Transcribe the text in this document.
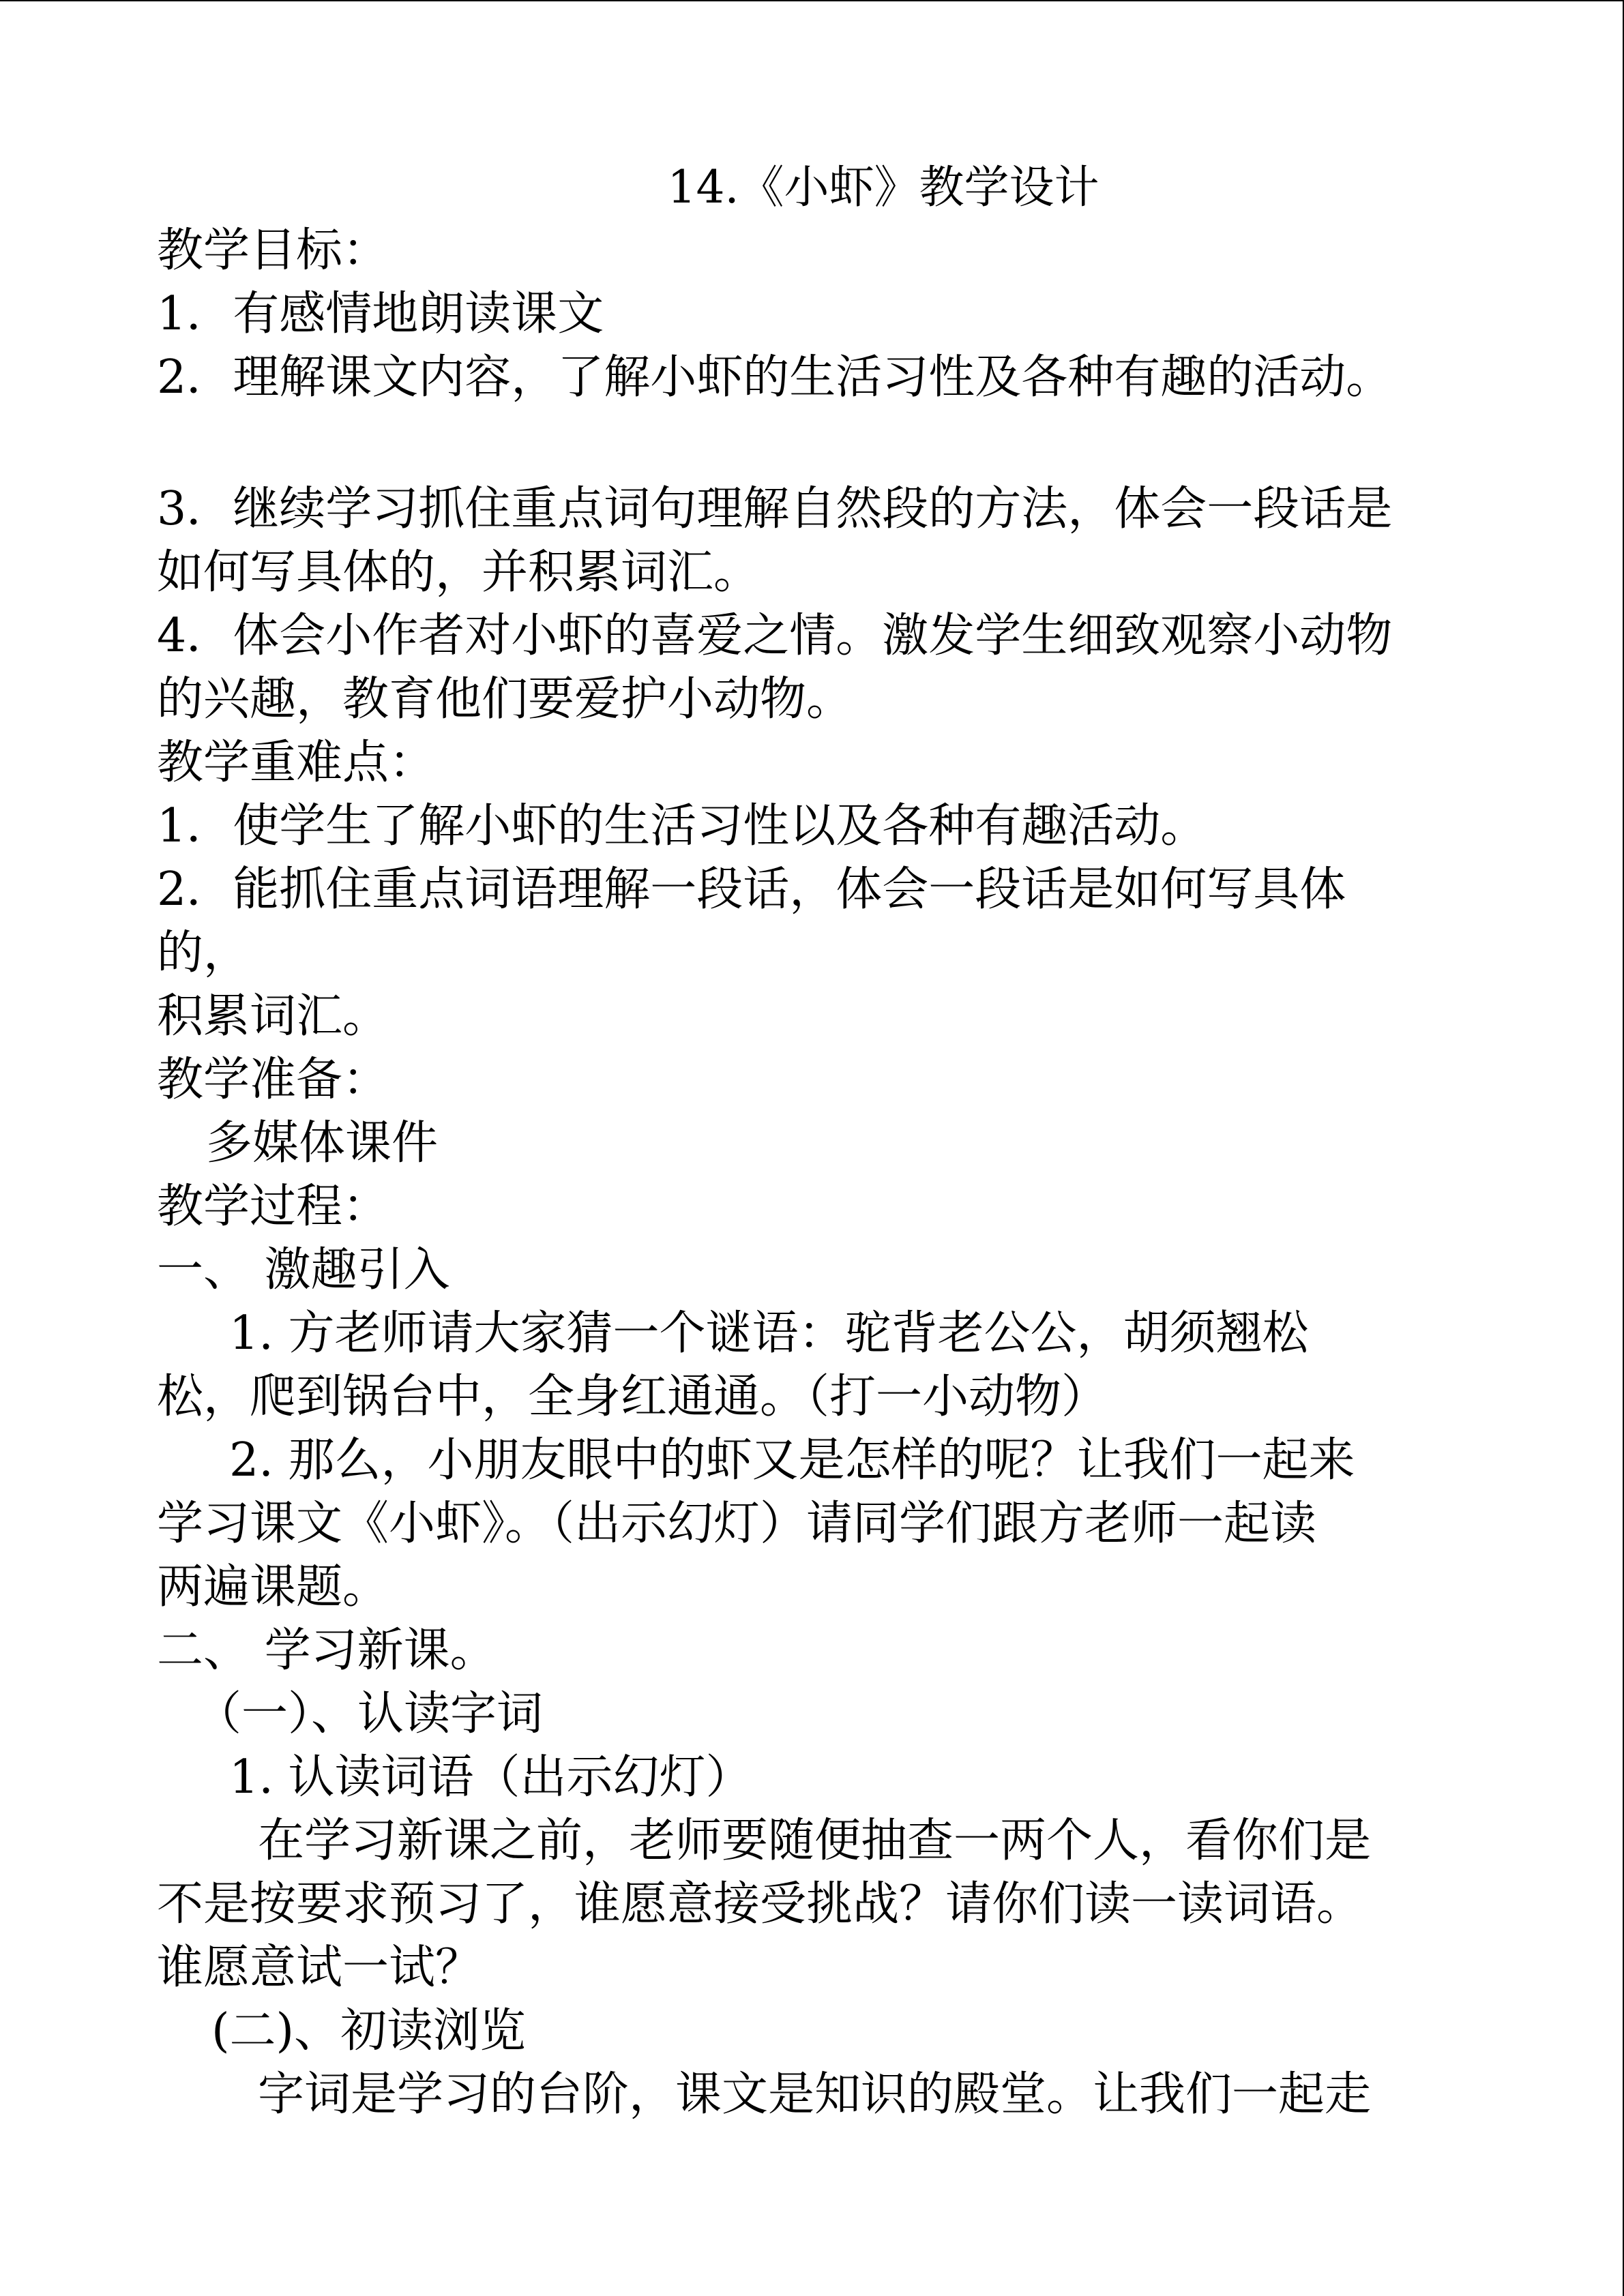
14.《小虾》教学设计
教学目标：
1．有感情地朗读课文
2．理解课文内容，了解小虾的生活习性及各种有趣的活动。
3．继续学习抓住重点词句理解自然段的方法，体会一段话是
如何写具体的，并积累词汇。
4．体会小作者对小虾的喜爱之情。激发学生细致观察小动物
的兴趣，教育他们要爱护小动物。
教学重难点：
1．使学生了解小虾的生活习性以及各种有趣活动。
2．能抓住重点词语理解一段话，体会一段话是如何写具体
的，
积累词汇。
教学准备：
多媒体课件
教学过程：
一、 激趣引入
1. 方老师请大家猜一个谜语：驼背老公公，胡须翘松
松，爬到锅台中，全身红通通。（打一小动物）
2. 那么，小朋友眼中的虾又是怎样的呢？让我们一起来
学习课文《小虾》。（出示幻灯）请同学们跟方老师一起读
两遍课题。
二、 学习新课。
（一）、认读字词
1. 认读词语（出示幻灯）
在学习新课之前，老师要随便抽查一两个人，看你们是
不是按要求预习了，谁愿意接受挑战？请你们读一读词语。
谁愿意试一试？
(二)、初读浏览
字词是学习的台阶，课文是知识的殿堂。让我们一起走
